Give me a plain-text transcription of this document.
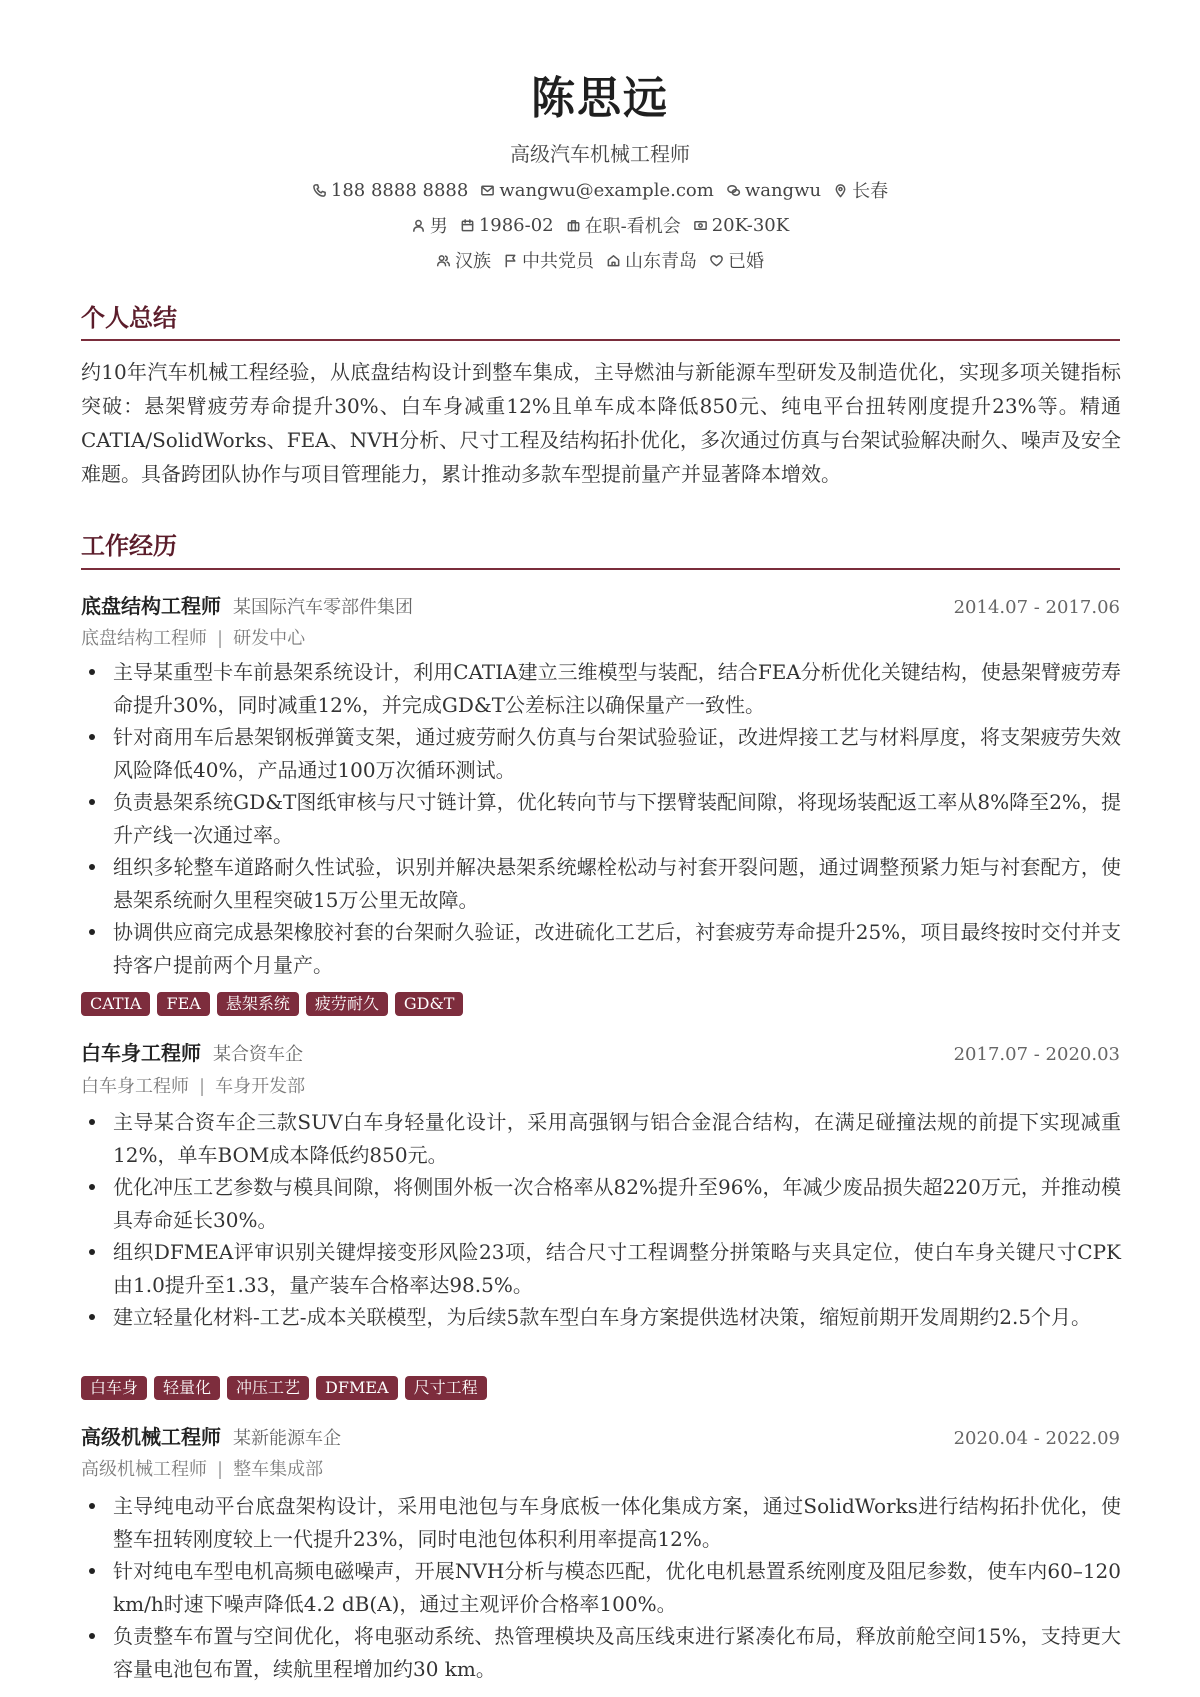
陈思远
高级汽车机械工程师
188 8888 8888 wangwu@example.com wangwu 长春
男 1986-02 在职-看机会 20K-30K
汉族 中共党员 山东青岛 已婚
个人总结
约10年汽车机械工程经验，从底盘结构设计到整车集成，主导燃油与新能源车型研发及制造优化，实现多项关键指标突破：悬架臂疲劳寿命提升30%、白车身减重12%且单车成本降低850元、纯电平台扭转刚度提升23%等。精通CATIA/SolidWorks、FEA、NVH分析、尺寸工程及结构拓扑优化，多次通过仿真与台架试验解决耐久、噪声及安全难题。具备跨团队协作与项目管理能力，累计推动多款车型提前量产并显著降本增效。
工作经历
底盘结构工程师 某国际汽车零部件集团	2014.07 - 2017.06
底盘结构工程师 | 研发中心
主导某重型卡车前悬架系统设计，利用CATIA建立三维模型与装配，结合FEA分析优化关键结构，使悬架臂疲劳寿命提升30%，同时减重12%，并完成GD&T公差标注以确保量产一致性。
针对商用车后悬架钢板弹簧支架，通过疲劳耐久仿真与台架试验验证，改进焊接工艺与材料厚度，将支架疲劳失效风险降低40%，产品通过100万次循环测试。
负责悬架系统GD&T图纸审核与尺寸链计算，优化转向节与下摆臂装配间隙，将现场装配返工率从8%降至2%，提升产线一次通过率。
组织多轮整车道路耐久性试验，识别并解决悬架系统螺栓松动与衬套开裂问题，通过调整预紧力矩与衬套配方，使悬架系统耐久里程突破15万公里无故障。
协调供应商完成悬架橡胶衬套的台架耐久验证，改进硫化工艺后，衬套疲劳寿命提升25%，项目最终按时交付并支持客户提前两个月量产。
CATIA	FEA	悬架系统	疲劳耐久	GD&T
白车身工程师 某合资车企	2017.07 - 2020.03
白车身工程师 | 车身开发部
主导某合资车企三款SUV白车身轻量化设计，采用高强钢与铝合金混合结构，在满足碰撞法规的前提下实现减重12%，单车BOM成本降低约850元。
优化冲压工艺参数与模具间隙，将侧围外板一次合格率从82%提升至96%，年减少废品损失超220万元，并推动模具寿命延长30%。
组织DFMEA评审识别关键焊接变形风险23项，结合尺寸工程调整分拼策略与夹具定位，使白车身关键尺寸CPK由1.0提升至1.33，量产装车合格率达98.5%。
建立轻量化材料-工艺-成本关联模型，为后续5款车型白车身方案提供选材决策，缩短前期开发周期约2.5个月。
白车身	轻量化	冲压工艺	DFMEA	尺寸工程
高级机械工程师 某新能源车企	2020.04 - 2022.09
高级机械工程师 | 整车集成部
主导纯电动平台底盘架构设计，采用电池包与车身底板一体化集成方案，通过SolidWorks进行结构拓扑优化，使整车扭转刚度较上一代提升23%，同时电池包体积利用率提高12%。
针对纯电车型电机高频电磁噪声，开展NVH分析与模态匹配，优化电机悬置系统刚度及阻尼参数，使车内60–120 km/h时速下噪声降低4.2 dB(A)，通过主观评价合格率100%。
负责整车布置与空间优化，将电驱动系统、热管理模块及高压线束进行紧凑化布局，释放前舱空间15%，支持更大容量电池包布置，续航里程增加约30 km。
